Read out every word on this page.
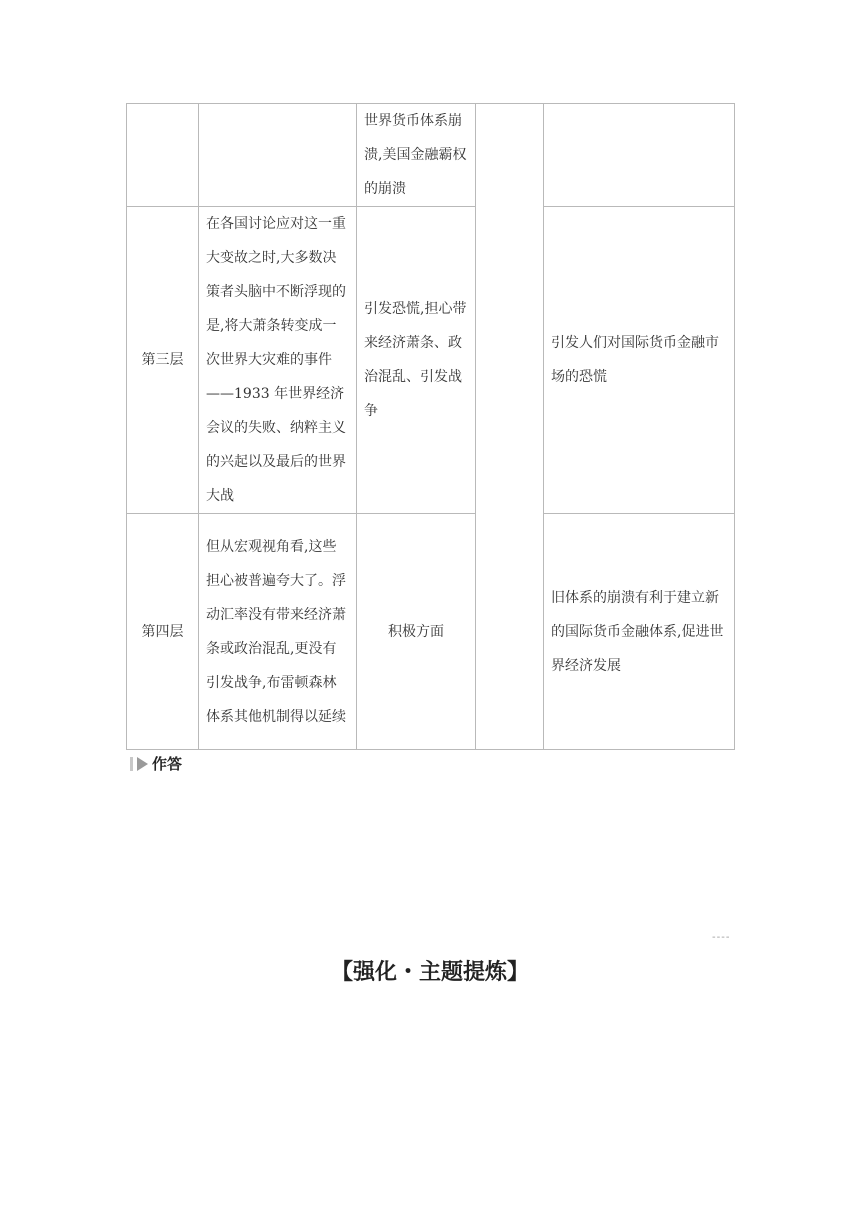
		世界货币体系崩溃,美国金融霸权的崩溃		
第三层	在各国讨论应对这一重大变故之时,大多数决策者头脑中不断浮现的是,将大萧条转变成一次世界大灾难的事件——1933 年世界经济会议的失败、纳粹主义的兴起以及最后的世界大战	引发恐慌,担心带来经济萧条、政治混乱、引发战争		引发人们对国际货币金融市场的恐慌
第四层	但从宏观视角看,这些担心被普遍夸大了。浮动汇率没有带来经济萧条或政治混乱,更没有引发战争,布雷顿森林体系其他机制得以延续	积极方面		旧体系的崩溃有利于建立新的国际货币金融体系,促进世界经济发展
作答
----
【强化・主题提炼】
